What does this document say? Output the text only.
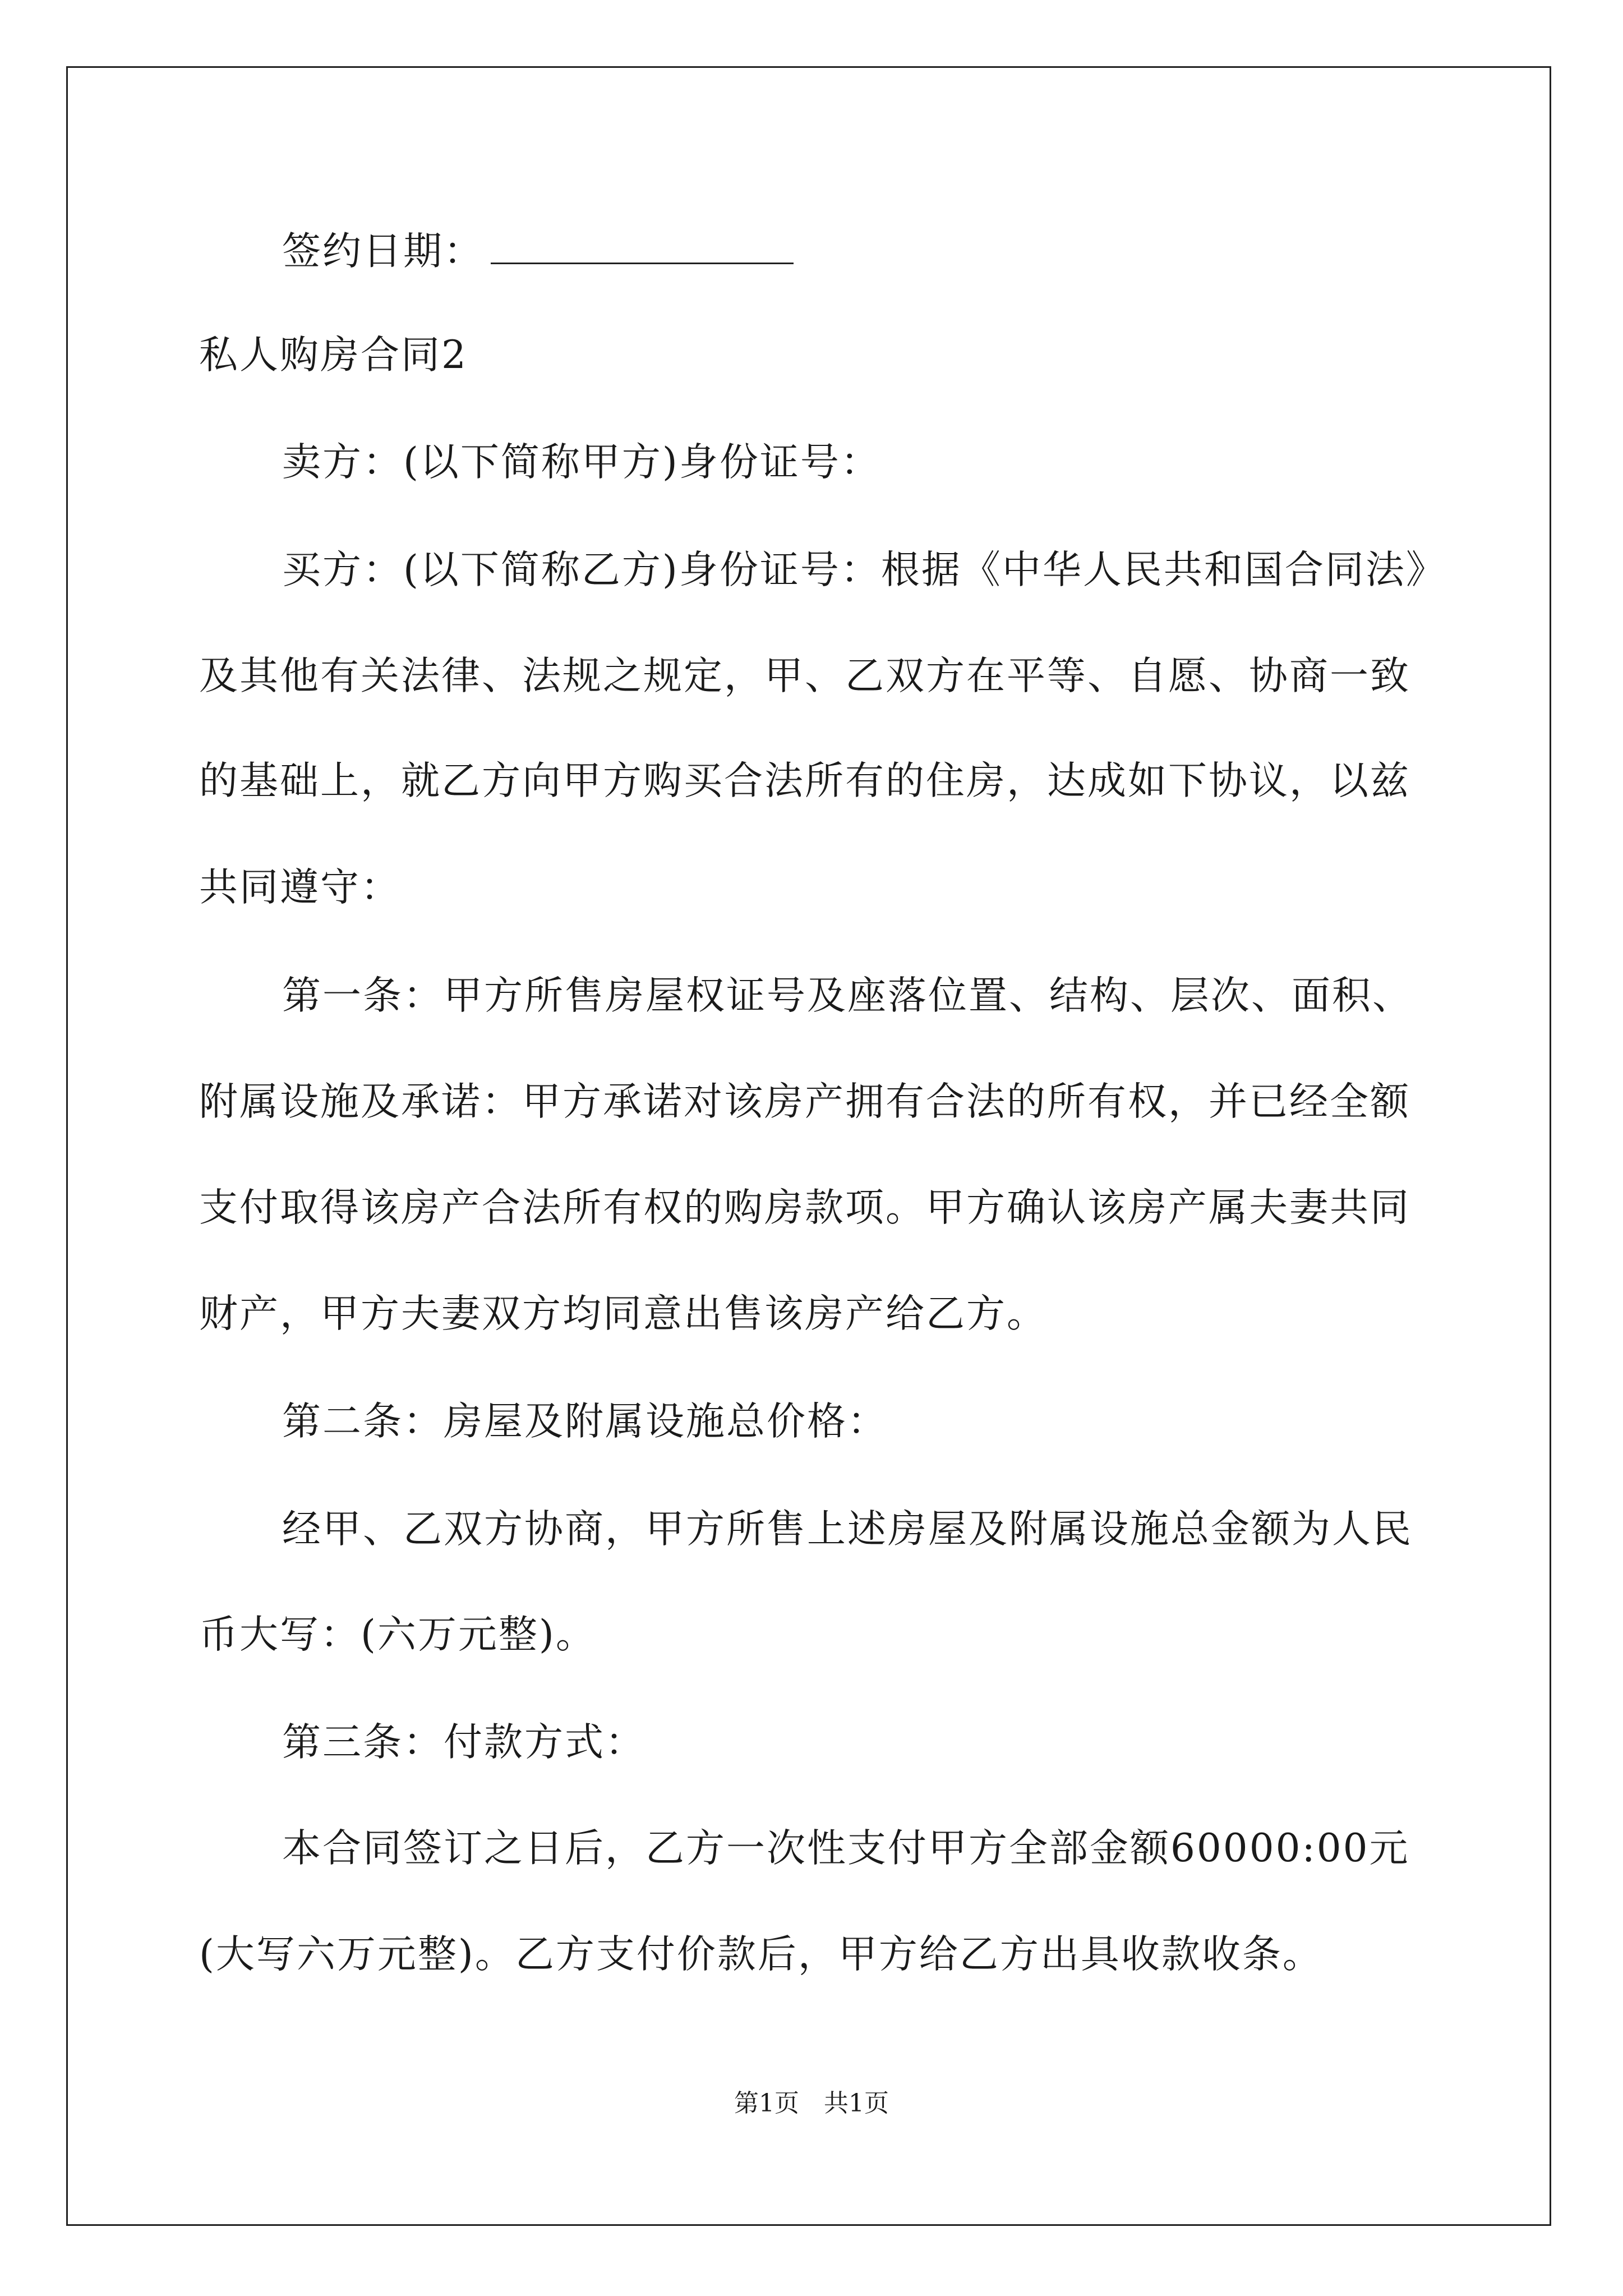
签约日期：
私人购房合同2
卖方：(以下简称甲方)身份证号：
买方：(以下简称乙方)身份证号：根据《中华人民共和国合同法》
及其他有关法律、法规之规定，甲、乙双方在平等、自愿、协商一致
的基础上，就乙方向甲方购买合法所有的住房，达成如下协议，以兹
共同遵守：
第一条：甲方所售房屋权证号及座落位置、结构、层次、面积、
附属设施及承诺：甲方承诺对该房产拥有合法的所有权，并已经全额
支付取得该房产合法所有权的购房款项。甲方确认该房产属夫妻共同
财产，甲方夫妻双方均同意出售该房产给乙方。
第二条：房屋及附属设施总价格：
经甲、乙双方协商，甲方所售上述房屋及附属设施总金额为人民
币大写：(六万元整)。
第三条：付款方式：
本合同签订之日后，乙方一次性支付甲方全部金额60000:00元
(大写六万元整)。乙方支付价款后，甲方给乙方出具收款收条。
第1页　共1页
